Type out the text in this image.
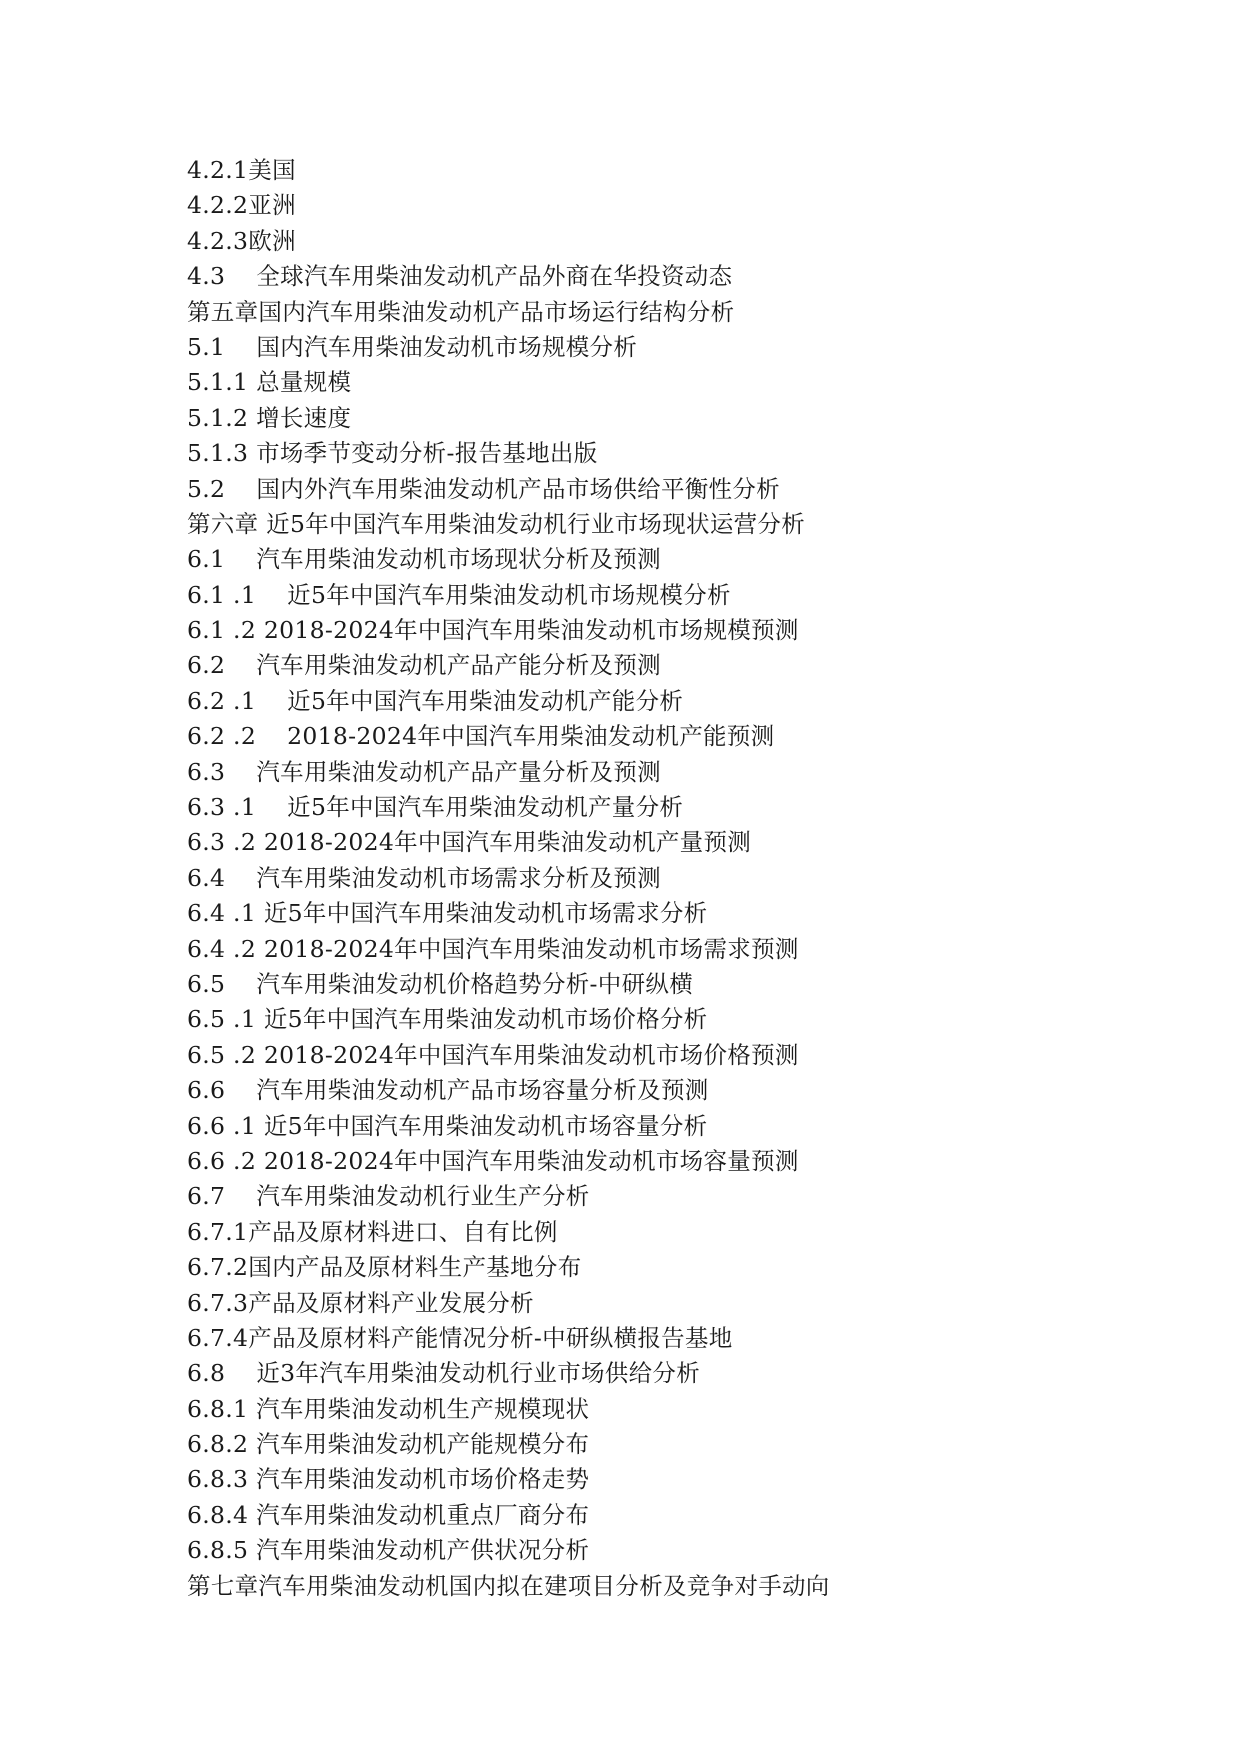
4.2.1美国
4.2.2亚洲
4.2.3欧洲
4.3    全球汽车用柴油发动机产品外商在华投资动态
第五章国内汽车用柴油发动机产品市场运行结构分析
5.1    国内汽车用柴油发动机市场规模分析
5.1.1 总量规模
5.1.2 增长速度
5.1.3 市场季节变动分析-报告基地出版
5.2    国内外汽车用柴油发动机产品市场供给平衡性分析
第六章 近5年中国汽车用柴油发动机行业市场现状运营分析
6.1    汽车用柴油发动机市场现状分析及预测
6.1 .1    近5年中国汽车用柴油发动机市场规模分析
6.1 .2 2018-2024年中国汽车用柴油发动机市场规模预测
6.2    汽车用柴油发动机产品产能分析及预测
6.2 .1    近5年中国汽车用柴油发动机产能分析
6.2 .2    2018-2024年中国汽车用柴油发动机产能预测
6.3    汽车用柴油发动机产品产量分析及预测
6.3 .1    近5年中国汽车用柴油发动机产量分析
6.3 .2 2018-2024年中国汽车用柴油发动机产量预测
6.4    汽车用柴油发动机市场需求分析及预测
6.4 .1 近5年中国汽车用柴油发动机市场需求分析
6.4 .2 2018-2024年中国汽车用柴油发动机市场需求预测
6.5    汽车用柴油发动机价格趋势分析-中研纵横
6.5 .1 近5年中国汽车用柴油发动机市场价格分析
6.5 .2 2018-2024年中国汽车用柴油发动机市场价格预测
6.6    汽车用柴油发动机产品市场容量分析及预测
6.6 .1 近5年中国汽车用柴油发动机市场容量分析
6.6 .2 2018-2024年中国汽车用柴油发动机市场容量预测
6.7    汽车用柴油发动机行业生产分析
6.7.1产品及原材料进口、自有比例
6.7.2国内产品及原材料生产基地分布
6.7.3产品及原材料产业发展分析
6.7.4产品及原材料产能情况分析-中研纵横报告基地
6.8    近3年汽车用柴油发动机行业市场供给分析
6.8.1 汽车用柴油发动机生产规模现状
6.8.2 汽车用柴油发动机产能规模分布
6.8.3 汽车用柴油发动机市场价格走势
6.8.4 汽车用柴油发动机重点厂商分布
6.8.5 汽车用柴油发动机产供状况分析
第七章汽车用柴油发动机国内拟在建项目分析及竞争对手动向
